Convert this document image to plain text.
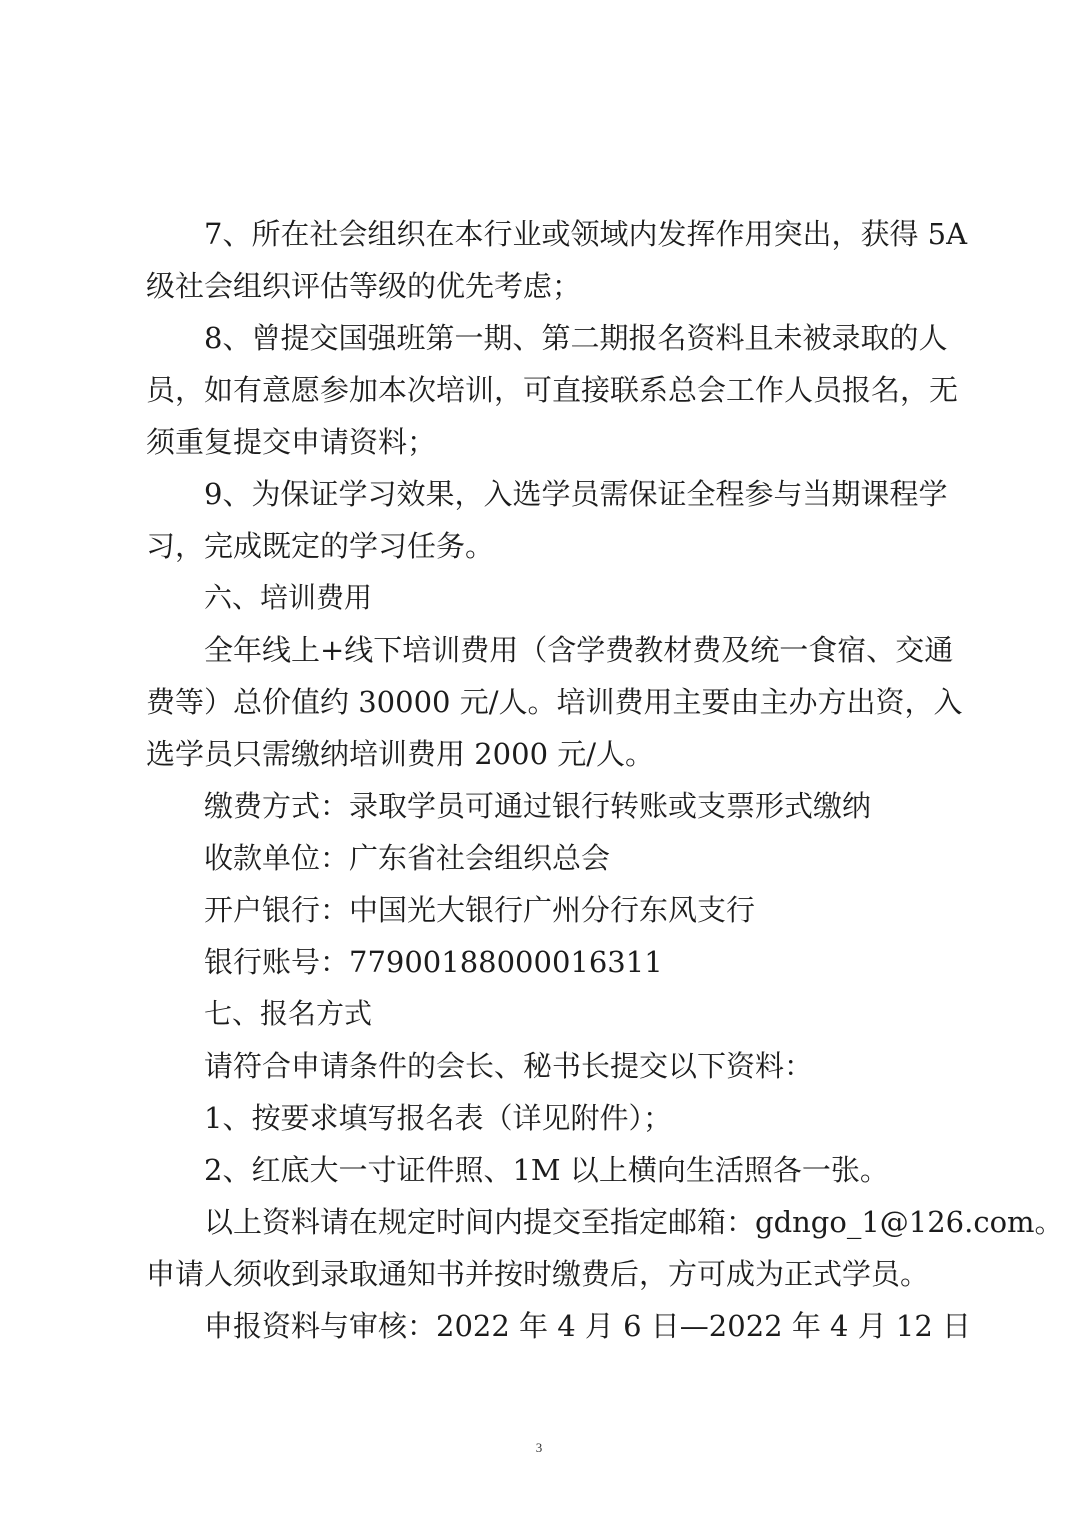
7、所在社会组织在本行业或领域内发挥作用突出，获得 5A
级社会组织评估等级的优先考虑；
8、曾提交国强班第一期、第二期报名资料且未被录取的人
员，如有意愿参加本次培训，可直接联系总会工作人员报名，无
须重复提交申请资料；
9、为保证学习效果，入选学员需保证全程参与当期课程学
习，完成既定的学习任务。
六、培训费用
全年线上+线下培训费用（含学费教材费及统一食宿、交通
费等）总价值约 30000 元/人。培训费用主要由主办方出资，入
选学员只需缴纳培训费用 2000 元/人。
缴费方式：录取学员可通过银行转账或支票形式缴纳
收款单位：广东省社会组织总会
开户银行：中国光大银行广州分行东风支行
银行账号：77900188000016311
七、报名方式
请符合申请条件的会长、秘书长提交以下资料：
1、按要求填写报名表（详见附件）；
2、红底大一寸证件照、1M 以上横向生活照各一张。
以上资料请在规定时间内提交至指定邮箱：gdngo_1@126.com。
申请人须收到录取通知书并按时缴费后，方可成为正式学员。
申报资料与审核：2022 年 4 月 6 日—2022 年 4 月 12 日
3
